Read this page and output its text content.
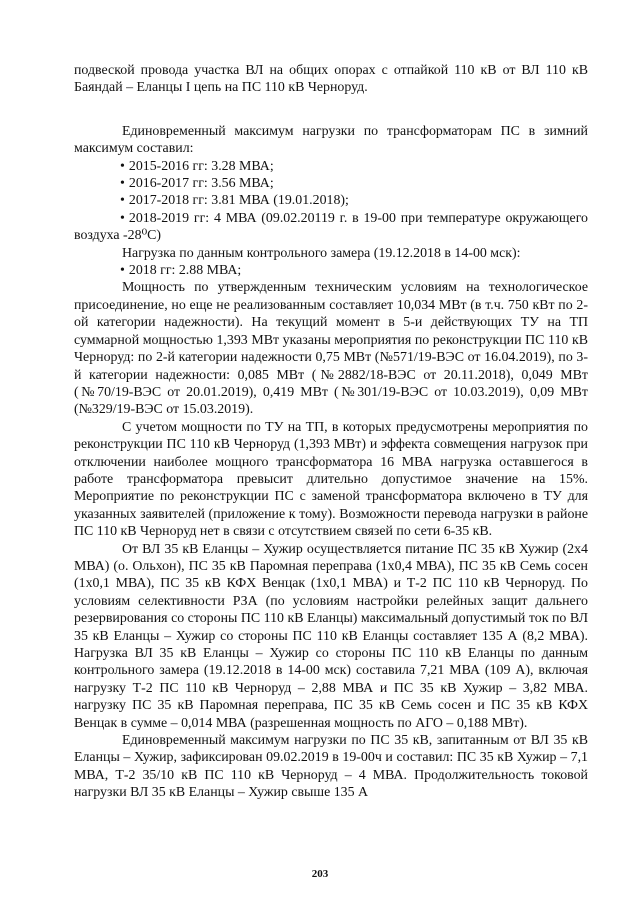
подвеской провода участка ВЛ на общих опорах с отпайкой 110 кВ от ВЛ 110 кВ Баяндай – Еланцы I цепь на ПС 110 кВ Черноруд.

Единовременный максимум нагрузки по трансформаторам ПС в зимний максимум составил:

• 2015-2016 гг: 3.28 МВА;
• 2016-2017 гг: 3.56 МВА;
• 2017-2018 гг: 3.81 МВА (19.01.2018);
• 2018-2019 гг: 4 МВА (09.02.20119 г. в 19-00 при температуре окружающего воздуха -28⁰С)

Нагрузка по данным контрольного замера (19.12.2018 в 14-00 мск):

• 2018 гг: 2.88 МВА;

Мощность по утвержденным техническим условиям на технологическое присоединение, но еще не реализованным составляет 10,034 МВт (в т.ч. 750 кВт по 2-ой категории надежности). На текущий момент в 5-и действующих ТУ на ТП суммарной мощностью 1,393 МВт указаны мероприятия по реконструкции ПС 110 кВ Черноруд: по 2-й категории надежности 0,75 МВт (№571/19-ВЭС от 16.04.2019), по 3-й категории надежности: 0,085 МВт (№2882/18-ВЭС от 20.11.2018), 0,049 МВт (№70/19-ВЭС от 20.01.2019), 0,419 МВт (№301/19-ВЭС от 10.03.2019), 0,09 МВт (№329/19-ВЭС от 15.03.2019).

С учетом мощности по ТУ на ТП, в которых предусмотрены мероприятия по реконструкции ПС 110 кВ Черноруд (1,393 МВт) и эффекта совмещения нагрузок при отключении наиболее мощного трансформатора 16 МВА нагрузка оставшегося в работе трансформатора превысит длительно допустимое значение на 15%. Мероприятие по реконструкции ПС с заменой трансформатора включено в ТУ для указанных заявителей (приложение к тому). Возможности перевода нагрузки в районе ПС 110 кВ Черноруд нет в связи с отсутствием связей по сети 6-35 кВ.

От ВЛ 35 кВ Еланцы – Хужир осуществляется питание ПС 35 кВ Хужир (2х4 МВА) (о. Ольхон), ПС 35 кВ Паромная переправа (1х0,4 МВА), ПС 35 кВ Семь сосен (1х0,1 МВА), ПС 35 кВ КФХ Венцак (1х0,1 МВА) и Т-2 ПС 110 кВ Черноруд. По условиям селективности РЗА (по условиям настройки релейных защит дальнего резервирования со стороны ПС 110 кВ Еланцы) максимальный допустимый ток по ВЛ 35 кВ Еланцы – Хужир со стороны ПС 110 кВ Еланцы составляет 135 А (8,2 МВА). Нагрузка ВЛ 35 кВ Еланцы – Хужир со стороны ПС 110 кВ Еланцы по данным контрольного замера (19.12.2018 в 14-00 мск) составила 7,21 МВА (109 А), включая нагрузку Т-2 ПС 110 кВ Черноруд – 2,88 МВА и ПС 35 кВ Хужир – 3,82 МВА. нагрузку ПС 35 кВ Паромная переправа, ПС 35 кВ Семь сосен и ПС 35 кВ КФХ Венцак в сумме – 0,014 МВА (разрешенная мощность по АГО – 0,188 МВт).

Единовременный максимум нагрузки по ПС 35 кВ, запитанным от ВЛ 35 кВ Еланцы – Хужир, зафиксирован 09.02.2019 в 19-00ч и составил: ПС 35 кВ Хужир – 7,1 МВА, Т-2 35/10 кВ ПС 110 кВ Черноруд – 4 МВА. Продолжительность токовой нагрузки ВЛ 35 кВ Еланцы – Хужир свыше 135 А

203
